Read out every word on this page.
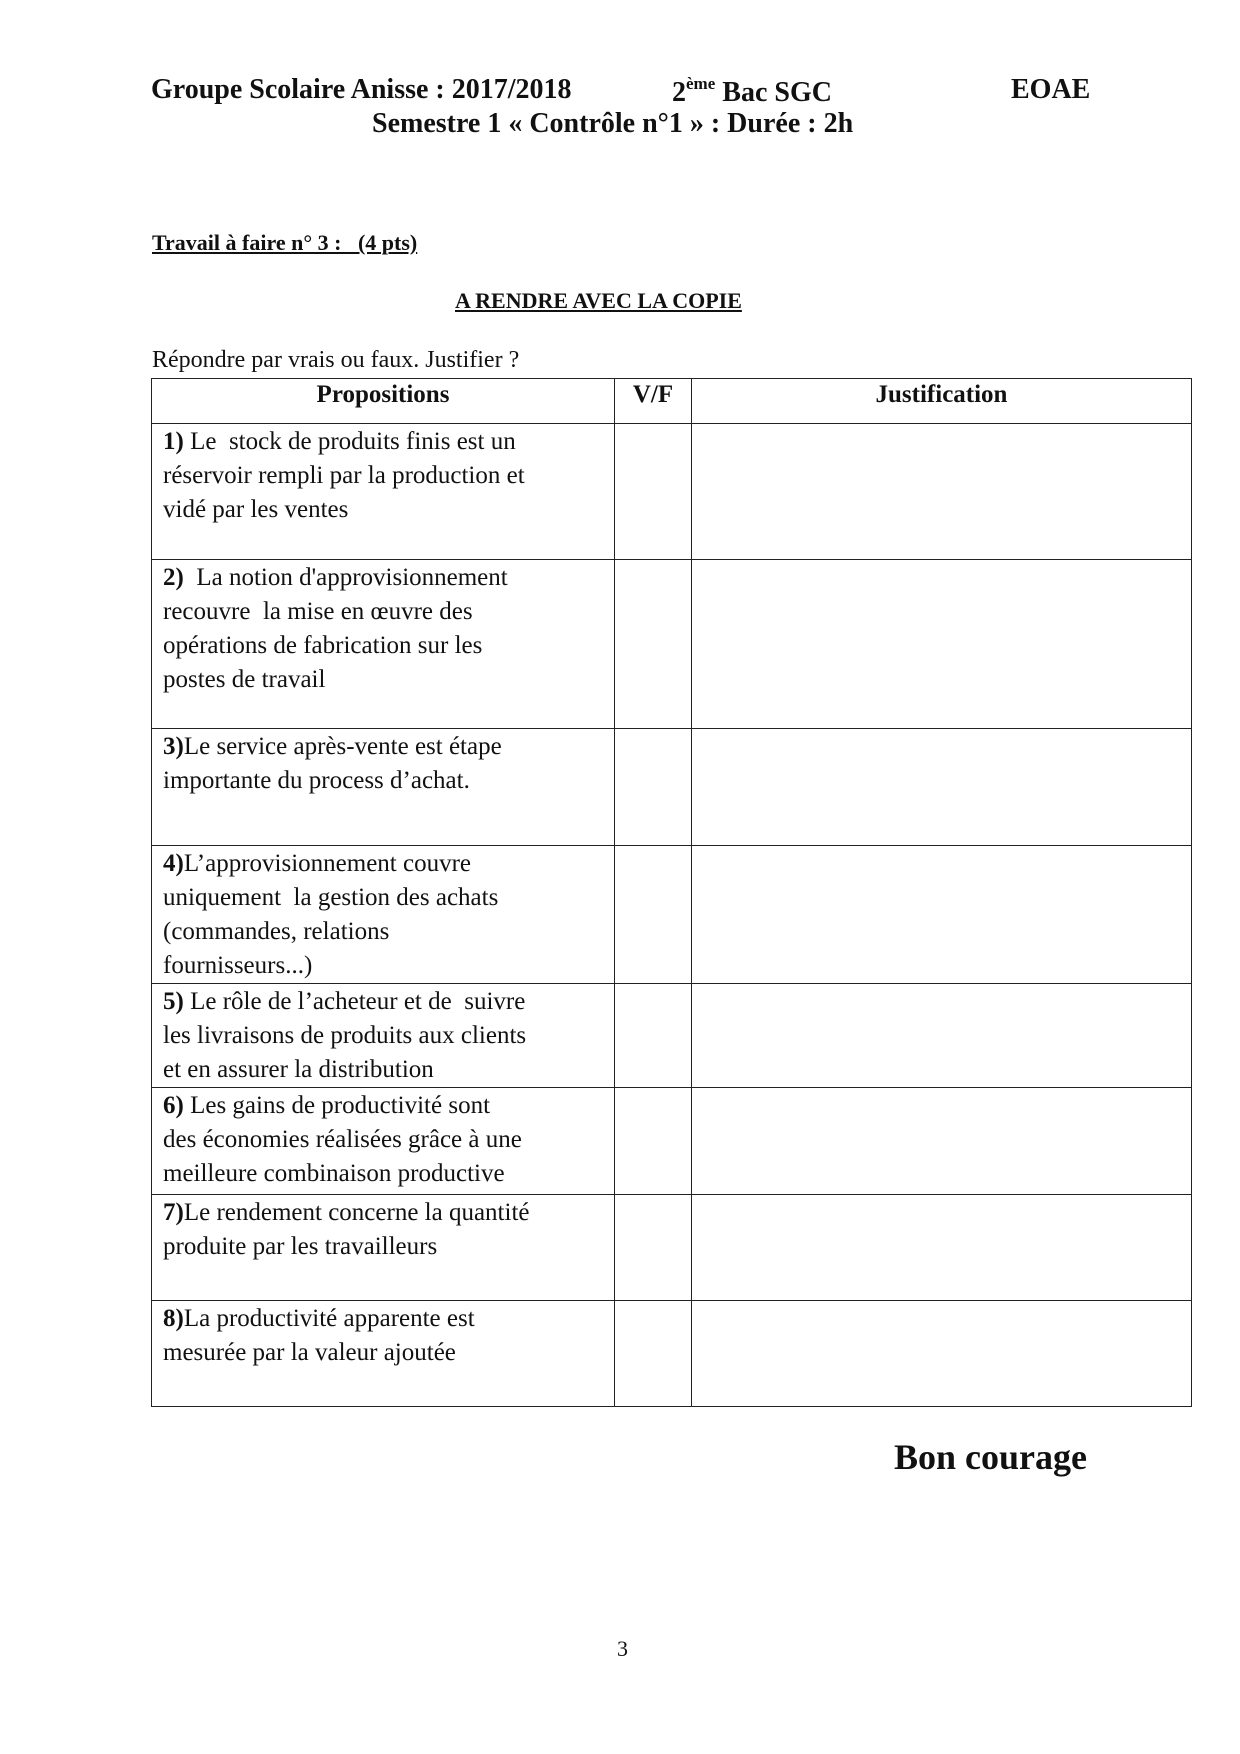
Groupe Scolaire Anisse : 2017/2018	2ème Bac SGC	EOAE
Semestre 1 « Contrôle n°1 » : Durée : 2h
Travail à faire n° 3 :   (4 pts)
A RENDRE AVEC LA COPIE
Répondre par vrais ou faux. Justifier ?
Propositions	V/F	Justification
1) Le  stock de produits finis est un
réservoir rempli par la production et
vidé par les ventes		
2)  La notion d'approvisionnement
recouvre  la mise en œuvre des
opérations de fabrication sur les
postes de travail		
3)Le service après-vente est étape
importante du process d’achat.		
4)L’approvisionnement couvre
uniquement  la gestion des achats
(commandes, relations
fournisseurs...)		
5) Le rôle de l’acheteur et de  suivre
les livraisons de produits aux clients
et en assurer la distribution		
6) Les gains de productivité sont
des économies réalisées grâce à une
meilleure combinaison productive		
7)Le rendement concerne la quantité
produite par les travailleurs		
8)La productivité apparente est
mesurée par la valeur ajoutée		
Bon courage
3
